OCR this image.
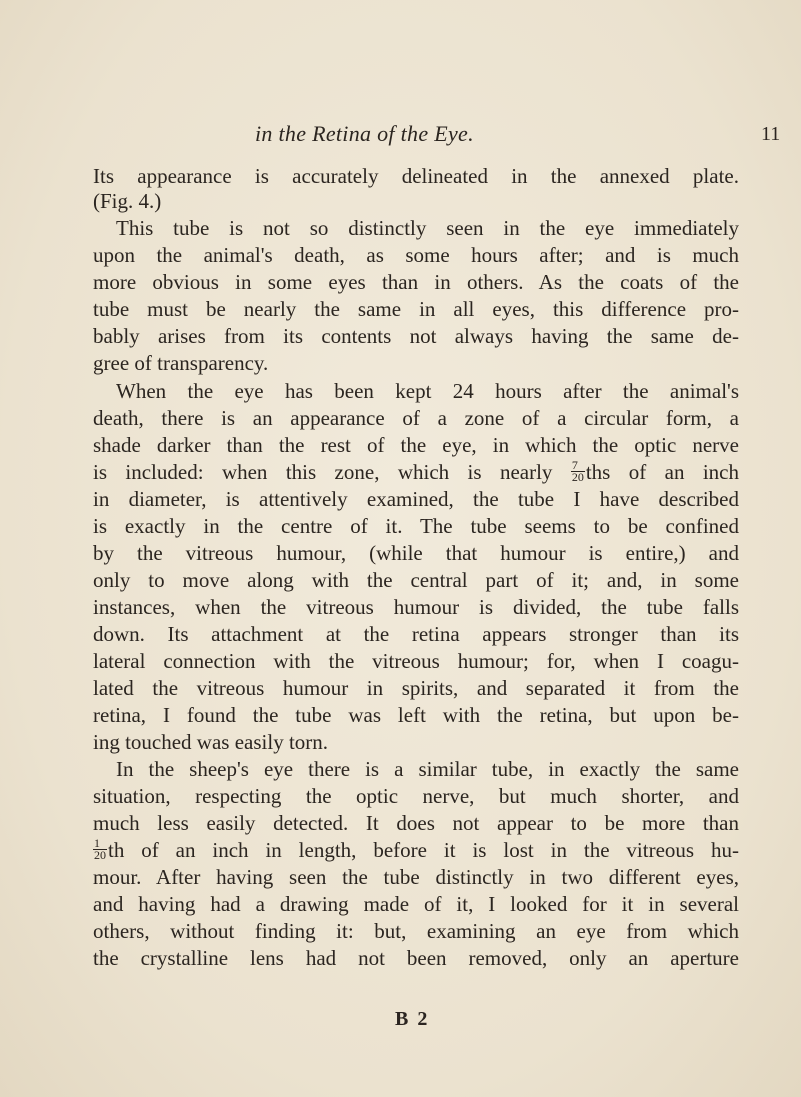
in the Retina of the Eye.	11
Its appearance is accurately delineated in the annexed plate.
(Fig. 4.)
This tube is not so distinctly seen in the eye immediately
upon the animal's death, as some hours after; and is much
more obvious in some eyes than in others. As the coats of the
tube must be nearly the same in all eyes, this difference pro-
bably arises from its contents not always having the same de-
gree of transparency.
When the eye has been kept 24 hours after the animal's
death, there is an appearance of a zone of a circular form, a
shade darker than the rest of the eye, in which the optic nerve
is included: when this zone, which is nearly $\frac{7}{20}$ ths of an inch
in diameter, is attentively examined, the tube I have described
is exactly in the centre of it. The tube seems to be confined
by the vitreous humour, (while that humour is entire,) and
only to move along with the central part of it; and, in some
instances, when the vitreous humour is divided, the tube falls
down. Its attachment at the retina appears stronger than its
lateral connection with the vitreous humour; for, when I coagu-
lated the vitreous humour in spirits, and separated it from the
retina, I found the tube was left with the retina, but upon be-
ing touched was easily torn.
In the sheep's eye there is a similar tube, in exactly the same
situation, respecting the optic nerve, but much shorter, and
much less easily detected. It does not appear to be more than
$\frac{1}{20}$ th of an inch in length, before it is lost in the vitreous hu-
mour. After having seen the tube distinctly in two different eyes,
and having had a drawing made of it, I looked for it in several
others, without finding it: but, examining an eye from which
the crystalline lens had not been removed, only an aperture
B 2
